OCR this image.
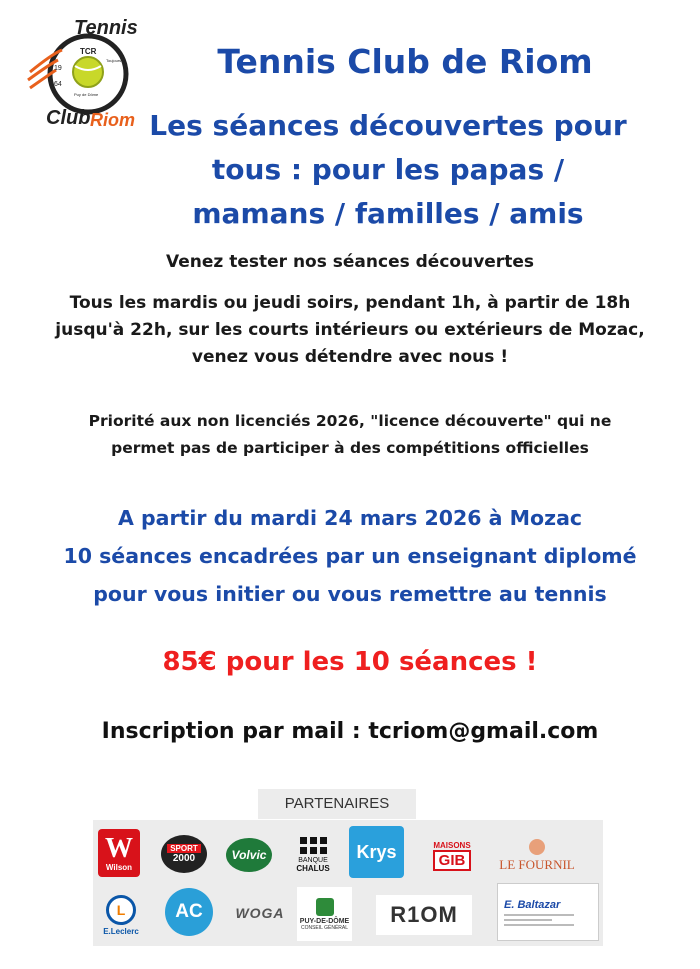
Tennis
TCR
19
64
Toujours
Puy de Dôme
Club Riom
Tennis Club de Riom
Les séances découvertes pour
tous : pour les papas /
mamans / familles / amis
Venez tester nos séances découvertes
Tous les mardis ou jeudi soirs, pendant 1h, à partir de 18h
jusqu'à 22h, sur les courts intérieurs ou extérieurs de Mozac,
venez vous détendre avec nous !
Priorité aux non licenciés 2026, "licence découverte" qui ne
permet pas de participer à des compétitions officielles
A partir du mardi 24 mars 2026 à Mozac
10 séances encadrées par un enseignant diplomé
pour vous initier ou vous remettre au tennis
85€ pour les 10 séances !
Inscription par mail : tcriom@gmail.com
PARTENAIRES
W
Wilson
SPORT
2000	Volvic	BANQUE
CHALUS
Krys	MAISONS
GIB	LE FOURNIL
L
E.Leclerc
AC	WOGA	PUY-DE-DÔME
CONSEIL GÉNÉRAL
R1OM	E. Baltazar
